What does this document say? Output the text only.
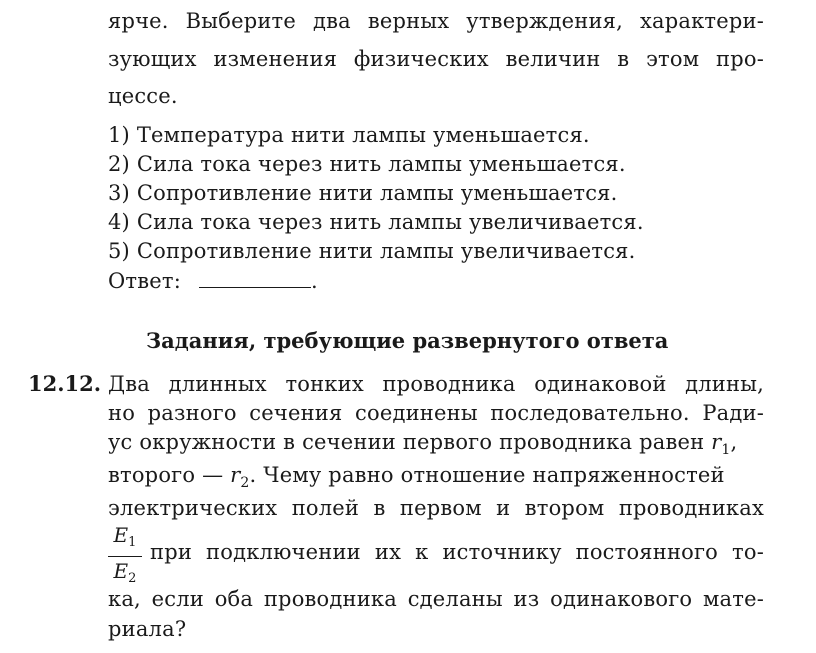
ярче. Выберите два верных утверждения, характери-
зующих изменения физических величин в этом про-
цессе.
1) Температура нити лампы уменьшается.
2) Сила тока через нить лампы уменьшается.
3) Сопротивление нити лампы уменьшается.
4) Сила тока через нить лампы увеличивается.
5) Сопротивление нити лампы увеличивается.
Ответ:	.
Задания, требующие развернутого ответа
12.12. Два длинных тонких проводника одинаковой длины,
но разного сечения соединены последовательно. Ради-
ус окружности в сечении первого проводника равен $r_1$,
второго — $r_2$. Чему равно отношение напряженностей
электрических полей в первом и втором проводниках
$E_1$
$E_2$
при подключении их к источнику постоянного то-
ка, если оба проводника сделаны из одинакового мате-
риала?
